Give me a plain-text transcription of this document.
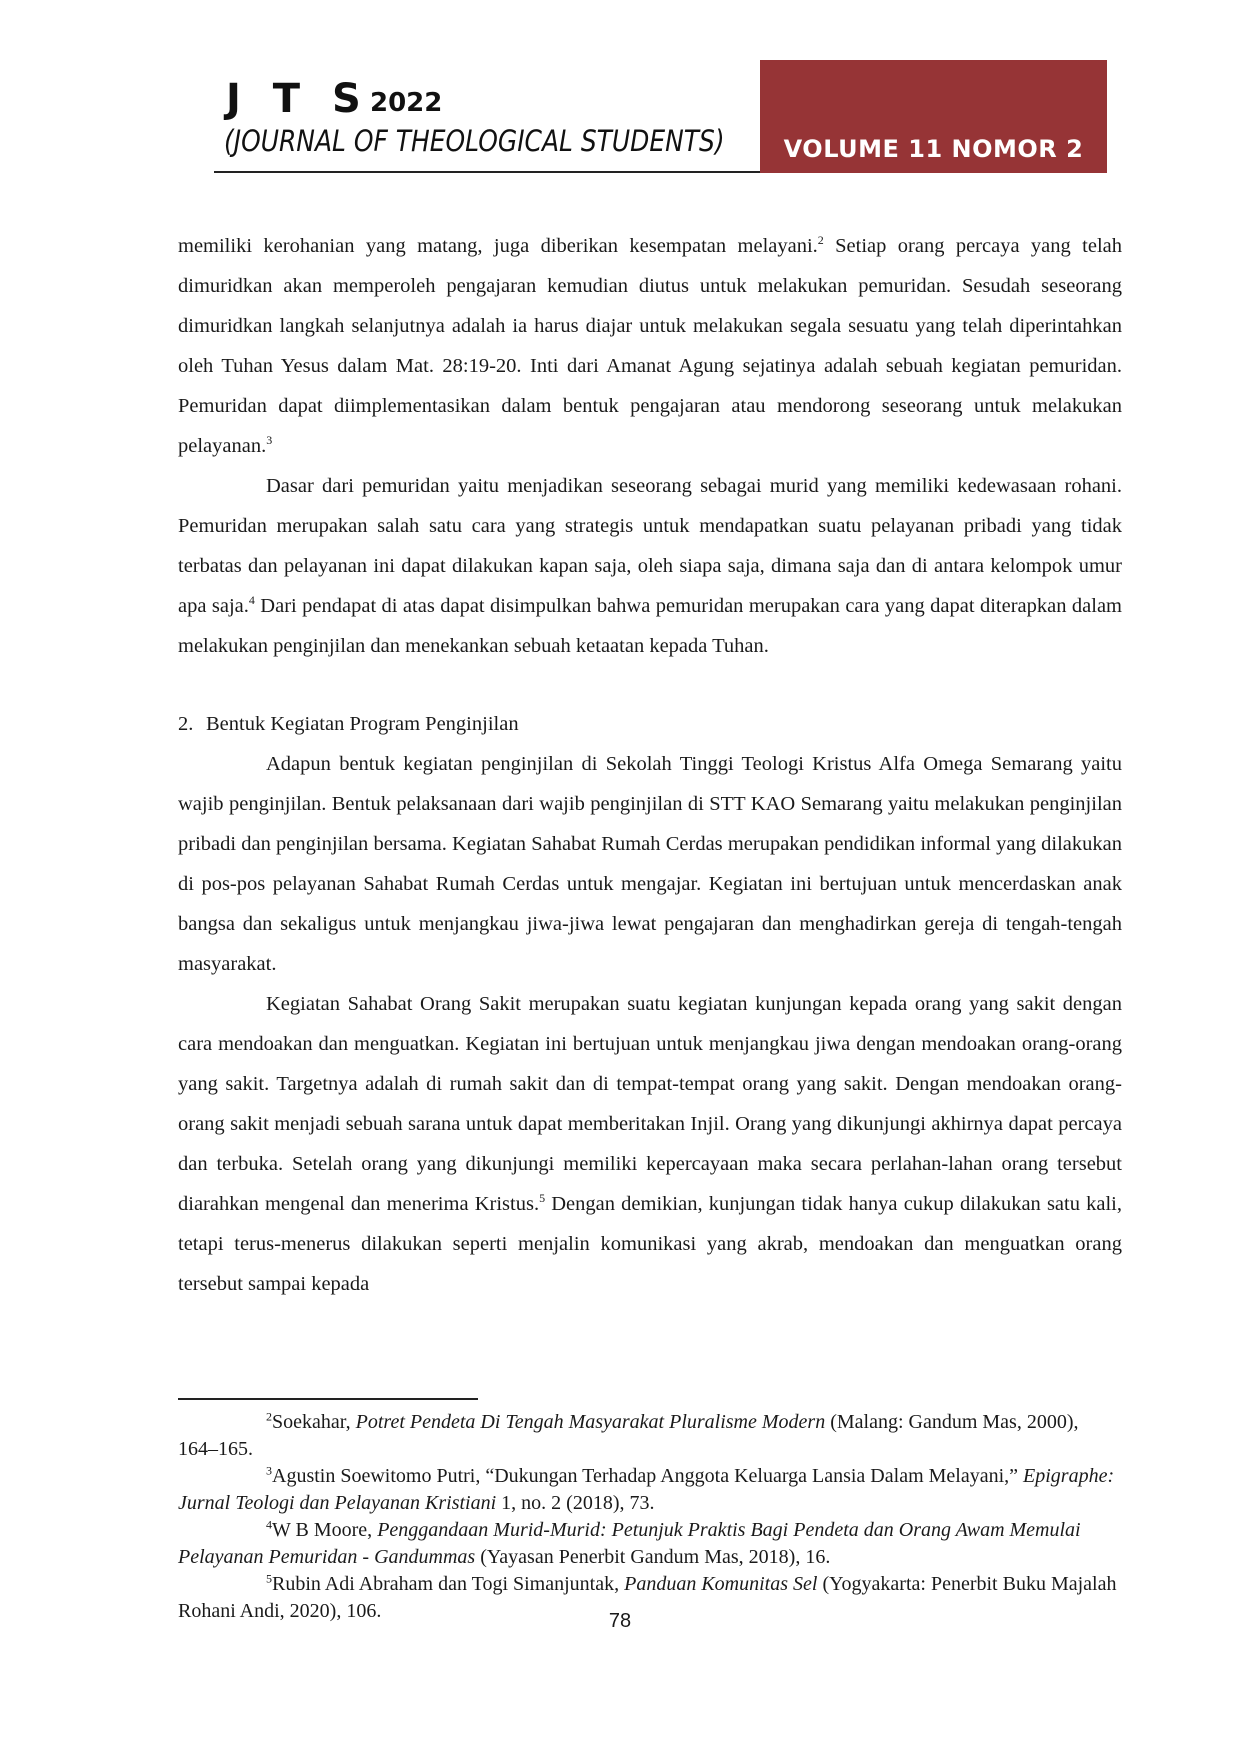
J T S 2022
(JOURNAL OF THEOLOGICAL STUDENTS)	VOLUME 11 NOMOR 2

memiliki kerohanian yang matang, juga diberikan kesempatan melayani.$^2$ Setiap orang percaya yang telah dimuridkan akan memperoleh pengajaran kemudian diutus untuk melakukan pemuridan. Sesudah seseorang dimuridkan langkah selanjutnya adalah ia harus diajar untuk melakukan segala sesuatu yang telah diperintahkan oleh Tuhan Yesus dalam Mat. 28:19-20. Inti dari Amanat Agung sejatinya adalah sebuah kegiatan pemuridan. Pemuridan dapat diimplementasikan dalam bentuk pengajaran atau mendorong seseorang untuk melakukan pelayanan.$^3$

Dasar dari pemuridan yaitu menjadikan seseorang sebagai murid yang memiliki kedewasaan rohani. Pemuridan merupakan salah satu cara yang strategis untuk mendapatkan suatu pelayanan pribadi yang tidak terbatas dan pelayanan ini dapat dilakukan kapan saja, oleh siapa saja, dimana saja dan di antara kelompok umur apa saja.$^4$ Dari pendapat di atas dapat disimpulkan bahwa pemuridan merupakan cara yang dapat diterapkan dalam melakukan penginjilan dan menekankan sebuah ketaatan kepada Tuhan.

2. Bentuk Kegiatan Program Penginjilan

Adapun bentuk kegiatan penginjilan di Sekolah Tinggi Teologi Kristus Alfa Omega Semarang yaitu wajib penginjilan. Bentuk pelaksanaan dari wajib penginjilan di STT KAO Semarang yaitu melakukan penginjilan pribadi dan penginjilan bersama. Kegiatan Sahabat Rumah Cerdas merupakan pendidikan informal yang dilakukan di pos-pos pelayanan Sahabat Rumah Cerdas untuk mengajar. Kegiatan ini bertujuan untuk mencerdaskan anak bangsa dan sekaligus untuk menjangkau jiwa-jiwa lewat pengajaran dan menghadirkan gereja di tengah-tengah masyarakat.

Kegiatan Sahabat Orang Sakit merupakan suatu kegiatan kunjungan kepada orang yang sakit dengan cara mendoakan dan menguatkan. Kegiatan ini bertujuan untuk menjangkau jiwa dengan mendoakan orang-orang yang sakit. Targetnya adalah di rumah sakit dan di tempat-tempat orang yang sakit. Dengan mendoakan orang-orang sakit menjadi sebuah sarana untuk dapat memberitakan Injil. Orang yang dikunjungi akhirnya dapat percaya dan terbuka. Setelah orang yang dikunjungi memiliki kepercayaan maka secara perlahan-lahan orang tersebut diarahkan mengenal dan menerima Kristus.$^5$ Dengan demikian, kunjungan tidak hanya cukup dilakukan satu kali, tetapi terus-menerus dilakukan seperti menjalin komunikasi yang akrab, mendoakan dan menguatkan orang tersebut sampai kepada

$^2$Soekahar, Potret Pendeta Di Tengah Masyarakat Pluralisme Modern (Malang: Gandum Mas, 2000), 164–165.

$^3$Agustin Soewitomo Putri, “Dukungan Terhadap Anggota Keluarga Lansia Dalam Melayani,” Epigraphe: Jurnal Teologi dan Pelayanan Kristiani 1, no. 2 (2018), 73.

$^4$W B Moore, Penggandaan Murid-Murid: Petunjuk Praktis Bagi Pendeta dan Orang Awam Memulai Pelayanan Pemuridan - Gandummas (Yayasan Penerbit Gandum Mas, 2018), 16.

$^5$Rubin Adi Abraham dan Togi Simanjuntak, Panduan Komunitas Sel (Yogyakarta: Penerbit Buku Majalah Rohani Andi, 2020), 106.	78
